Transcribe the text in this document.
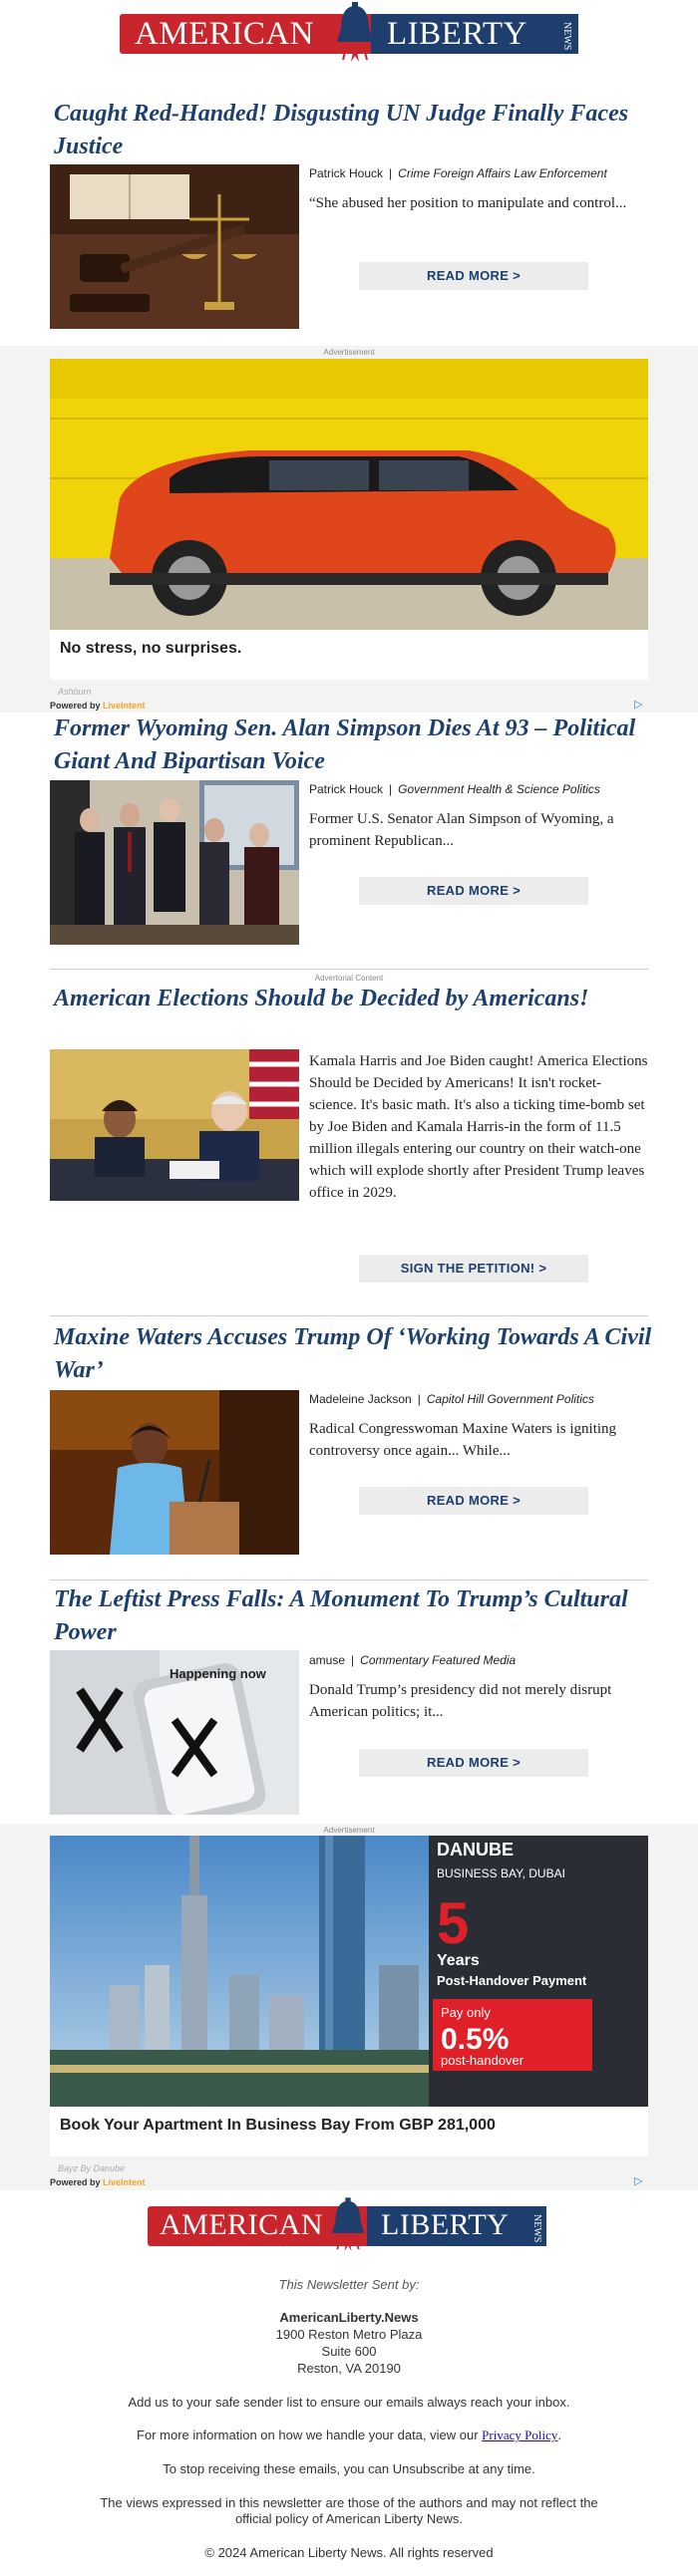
AMERICAN LIBERTY	NEWS
Caught Red-Handed! Disgusting UN Judge Finally Faces Justice
Patrick Houck | Crime Foreign Affairs Law Enforcement
“She abused her position to manipulate and control...
READ MORE >
Advertisement
No stress, no surprises.
Ashburn
Powered by LiveIntent	▷
Former Wyoming Sen. Alan Simpson Dies At 93 – Political Giant And Bipartisan Voice
Patrick Houck | Government Health & Science Politics
Former U.S. Senator Alan Simpson of Wyoming, a prominent Republican...
READ MORE >
Advertorial Content
American Elections Should be Decided by Americans!
Kamala Harris and Joe Biden caught! America Elections Should be Decided by Americans! It isn't rocket-science. It's basic math. It's also a ticking time-bomb set by Joe Biden and Kamala Harris-in the form of 11.5 million illegals entering our country on their watch-one which will explode shortly after President Trump leaves office in 2029.
SIGN THE PETITION! >
Maxine Waters Accuses Trump Of ‘Working Towards A Civil War’
Madeleine Jackson | Capitol Hill Government Politics
Radical Congresswoman Maxine Waters is igniting controversy once again... While...
READ MORE >
The Leftist Press Falls: A Monument To Trump’s Cultural Power
Happening now
amuse | Commentary Featured Media
Donald Trump’s presidency did not merely disrupt American politics; it...
READ MORE >
Advertisement
DANUBE
BUSINESS BAY, DUBAI
5
Years
Post-Handover Payment
Pay only
0.5%
post-handover
Book Your Apartment In Business Bay From GBP 281,000
Bayz By Danube
Powered by LiveIntent	▷
AMERICAN LIBERTY NEWS
This Newsletter Sent by:
AmericanLiberty.News
1900 Reston Metro Plaza
Suite 600
Reston, VA 20190
Add us to your safe sender list to ensure our emails always reach your inbox.
For more information on how we handle your data, view our Privacy Policy.
To stop receiving these emails, you can Unsubscribe at any time.
The views expressed in this newsletter are those of the authors and may not reflect the
official policy of American Liberty News.
© 2024 American Liberty News. All rights reserved
